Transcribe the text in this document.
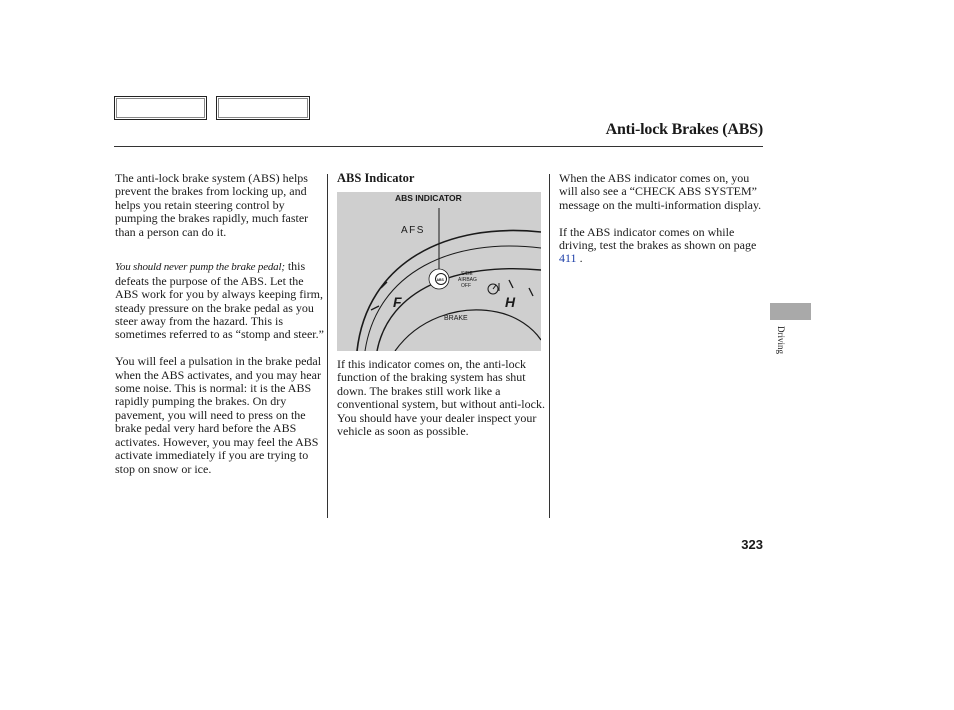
Anti-lock Brakes (ABS)

The anti-lock brake system (ABS) helps prevent the brakes from locking up, and helps you retain steering control by pumping the brakes rapidly, much faster than a person can do it.

You should never pump the brake pedal; this defeats the purpose of the ABS. Let the ABS work for you by always keeping firm, steady pressure on the brake pedal as you steer away from the hazard. This is sometimes referred to as “stomp and steer.”

You will feel a pulsation in the brake pedal when the ABS activates, and you may hear some noise. This is normal: it is the ABS rapidly pumping the brakes. On dry pavement, you will need to press on the brake pedal very hard before the ABS activates. However, you may feel the ABS activate immediately if you are trying to stop on snow or ice.

ABS Indicator

ABS INDICATOR
AFS
ABS
SIDE
AIRBAG
OFF
F	H
BRAKE

If this indicator comes on, the anti-lock function of the braking system has shut down. The brakes still work like a conventional system, but without anti-lock. You should have your dealer inspect your vehicle as soon as possible.

When the ABS indicator comes on, you will also see a “CHECK ABS SYSTEM” message on the multi-information display.

If the ABS indicator comes on while driving, test the brakes as shown on page 411 .

Driving
323
